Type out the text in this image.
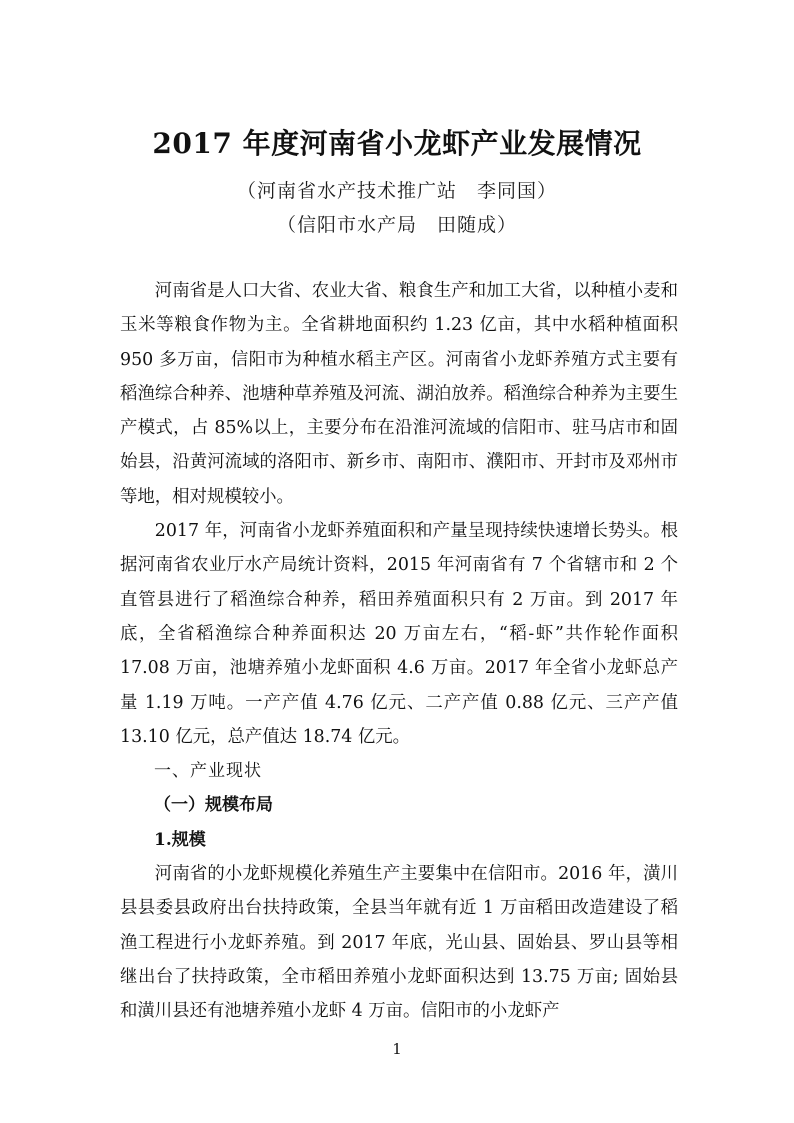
2017 年度河南省小龙虾产业发展情况
（河南省水产技术推广站　李同国）
（信阳市水产局　田随成）

河南省是人口大省、农业大省、粮食生产和加工大省，以种植小麦和玉米等粮食作物为主。全省耕地面积约 1.23 亿亩，其中水稻种植面积 950 多万亩，信阳市为种植水稻主产区。河南省小龙虾养殖方式主要有稻渔综合种养、池塘种草养殖及河流、湖泊放养。稻渔综合种养为主要生产模式，占 85%以上，主要分布在沿淮河流域的信阳市、驻马店市和固始县，沿黄河流域的洛阳市、新乡市、南阳市、濮阳市、开封市及邓州市等地，相对规模较小。

2017 年，河南省小龙虾养殖面积和产量呈现持续快速增长势头。根据河南省农业厅水产局统计资料，2015 年河南省有 7 个省辖市和 2 个直管县进行了稻渔综合种养，稻田养殖面积只有 2 万亩。到 2017 年底，全省稻渔综合种养面积达 20 万亩左右，“稻-虾”共作轮作面积 17.08 万亩，池塘养殖小龙虾面积 4.6 万亩。2017 年全省小龙虾总产量 1.19 万吨。一产产值 4.76 亿元、二产产值 0.88 亿元、三产产值 13.10 亿元，总产值达 18.74 亿元。

一、产业现状
（一）规模布局
1.规模

河南省的小龙虾规模化养殖生产主要集中在信阳市。2016 年，潢川县县委县政府出台扶持政策，全县当年就有近 1 万亩稻田改造建设了稻渔工程进行小龙虾养殖。到 2017 年底，光山县、固始县、罗山县等相继出台了扶持政策，全市稻田养殖小龙虾面积达到 13.75 万亩; 固始县和潢川县还有池塘养殖小龙虾 4 万亩。信阳市的小龙虾产

1
